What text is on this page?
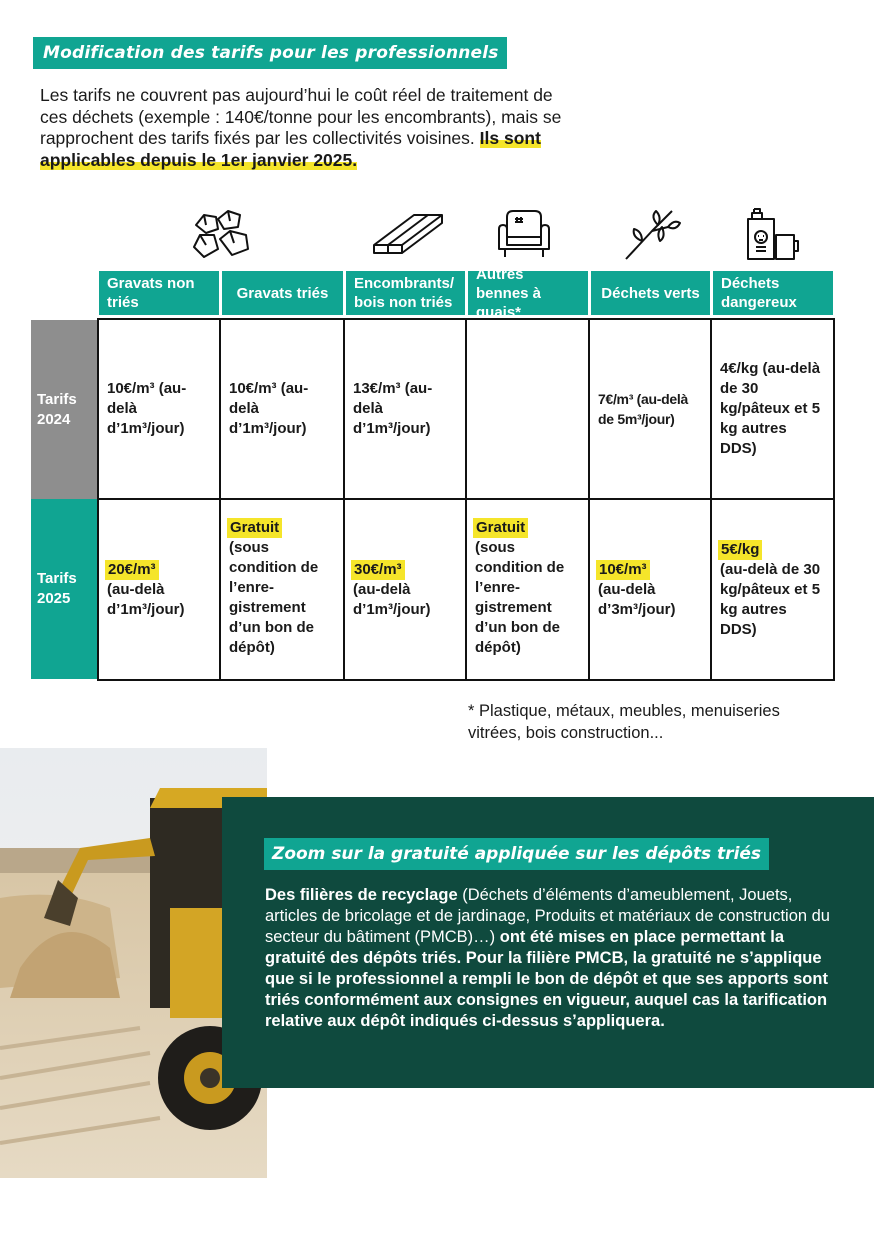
Modification des tarifs pour les professionnels
Les tarifs ne couvrent pas aujourd’hui le coût réel de traitement de ces déchets (exemple : 140€/tonne pour les encombrants), mais se rapprochent des tarifs fixés par les collectivités voisines. Ils sont applicables depuis le 1er janvier 2025.
Gravats non triés
Gravats triés
Encombrants/ bois non triés
Autres bennes à quais*
Déchets verts
Déchets dangereux
Tarifs 2024
Tarifs 2025
10€/m³ (au-delà d’1m³/jour)
10€/m³ (au-delà d’1m³/jour)
13€/m³ (au-delà d’1m³/jour)
7€/m³ (au-delà de 5m³/jour)
4€/kg (au-delà de 30 kg/pâteux et 5 kg autres DDS)
20€/m³
(au-delà d’1m³/jour)
Gratuit
(sous condition de l’enre-gistrement d’un bon de dépôt)
30€/m³
(au-delà d’1m³/jour)
Gratuit
(sous condition de l’enre-gistrement d’un bon de dépôt)
10€/m³
(au-delà d’3m³/jour)
5€/kg
(au-delà de 30 kg/pâteux et 5 kg autres DDS)
* Plastique, métaux, meubles, menuiseries vitrées, bois construction...
Zoom sur la gratuité appliquée sur les dépôts triés
Des filières de recyclage (Déchets d’éléments d’ameublement, Jouets, articles de bricolage et de jardinage, Produits et matériaux de construction du secteur du bâtiment (PMCB)…) ont été mises en place permettant la gratuité des dépôts triés. Pour la filière PMCB, la gratuité ne s’applique que si le professionnel a rempli le bon de dépôt et que ses apports sont triés conformément aux consignes en vigueur, auquel cas la tarification relative aux dépôt indiqués ci-dessus s’appliquera.
